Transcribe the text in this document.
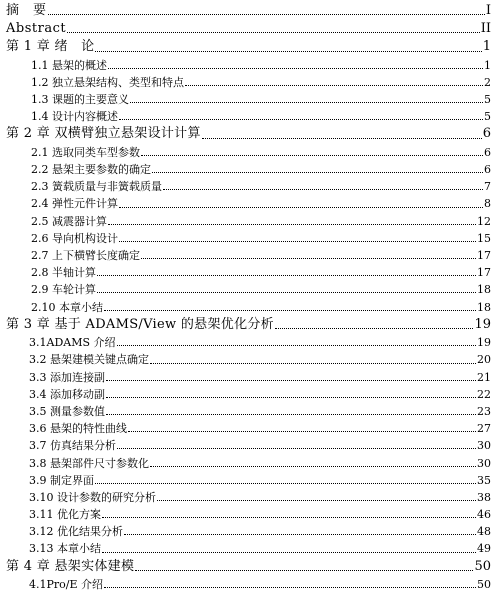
摘　要	I
Abstract	II
第 1 章 绪　论	1
1.1 悬架的概述	1
1.2 独立悬架结构、类型和特点	2
1.3 课题的主要意义	5
1.4 设计内容概述	5
第 2 章 双横臂独立悬架设计计算	6
2.1 选取同类车型参数	6
2.2 悬架主要参数的确定	6
2.3 簧载质量与非簧载质量	7
2.4 弹性元件计算	8
2.5 减震器计算	12
2.6 导向机构设计	15
2.7 上下横臂长度确定	17
2.8 半轴计算	17
2.9 车轮计算	18
2.10 本章小结	18
第 3 章 基于 ADAMS/View 的悬架优化分析	19
3.1ADAMS 介绍	19
3.2 悬架建模关键点确定	20
3.3 添加连接副	21
3.4 添加移动副	22
3.5 测量参数值	23
3.6 悬架的特性曲线	27
3.7 仿真结果分析	30
3.8 悬架部件尺寸参数化	30
3.9 制定界面	35
3.10 设计参数的研究分析	38
3.11 优化方案	46
3.12 优化结果分析	48
3.13 本章小结	49
第 4 章 悬架实体建模	50
4.1Pro/E 介绍	50
